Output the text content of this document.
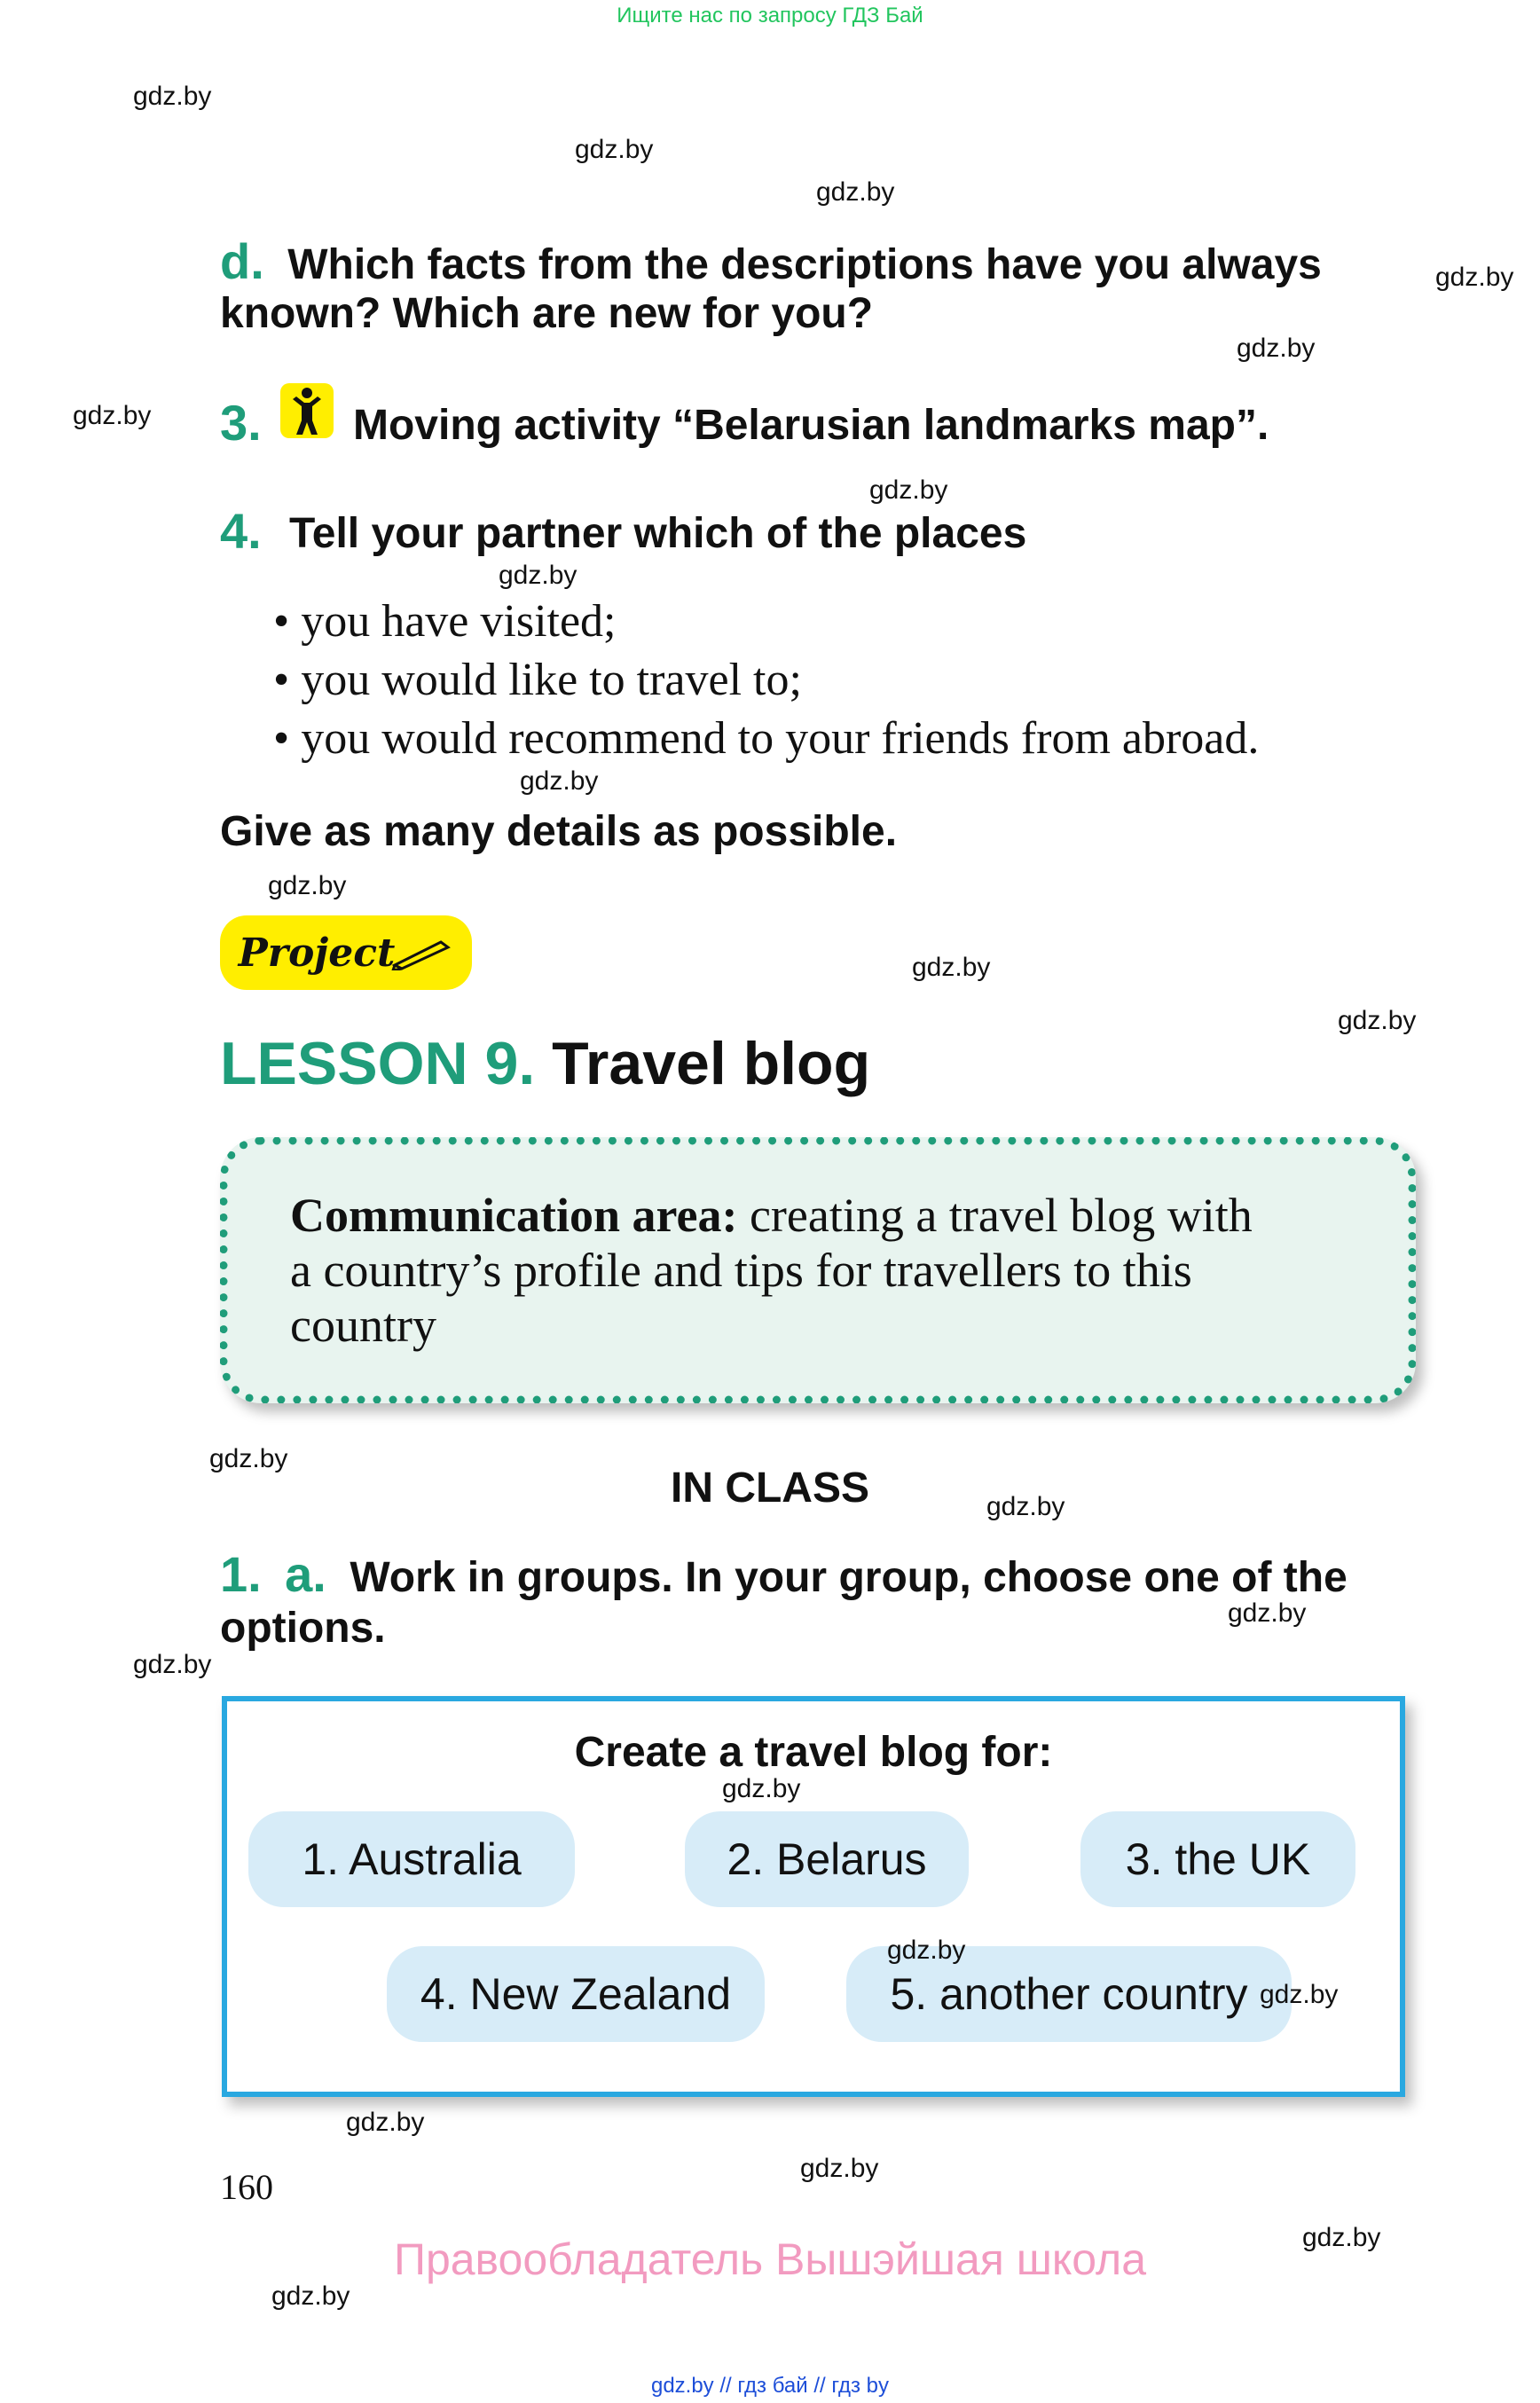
Ищите нас по запросу ГДЗ Бай
gdz.by
gdz.by
gdz.by
gdz.by
gdz.by
gdz.by
gdz.by
gdz.by
gdz.by
gdz.by
gdz.by
gdz.by
gdz.by
gdz.by
gdz.by
gdz.by
gdz.by
gdz.by
gdz.by
gdz.by
d. Which facts from the descriptions have you always
known? Which are new for you?
3. Moving activity “Belarusian landmarks map”.
4. Tell your partner which of the places
• you have visited;
• you would like to travel to;
• you would recommend to your friends from abroad.
Give as many details as possible.
Project
LESSON 9. Travel blog
Communication area: creating a travel blog with
a country’s profile and tips for travellers to this
country
IN CLASS
1. a. Work in groups. In your group, choose one of the
options.
Create a travel blog for:
1. Australia	2. Belarus	3. the UK
4. New Zealand	5. another country
gdz.by
gdz.by
gdz.by
160
Правообладатель Вышэйшая школа
gdz.by // гдз бай // гдз by
